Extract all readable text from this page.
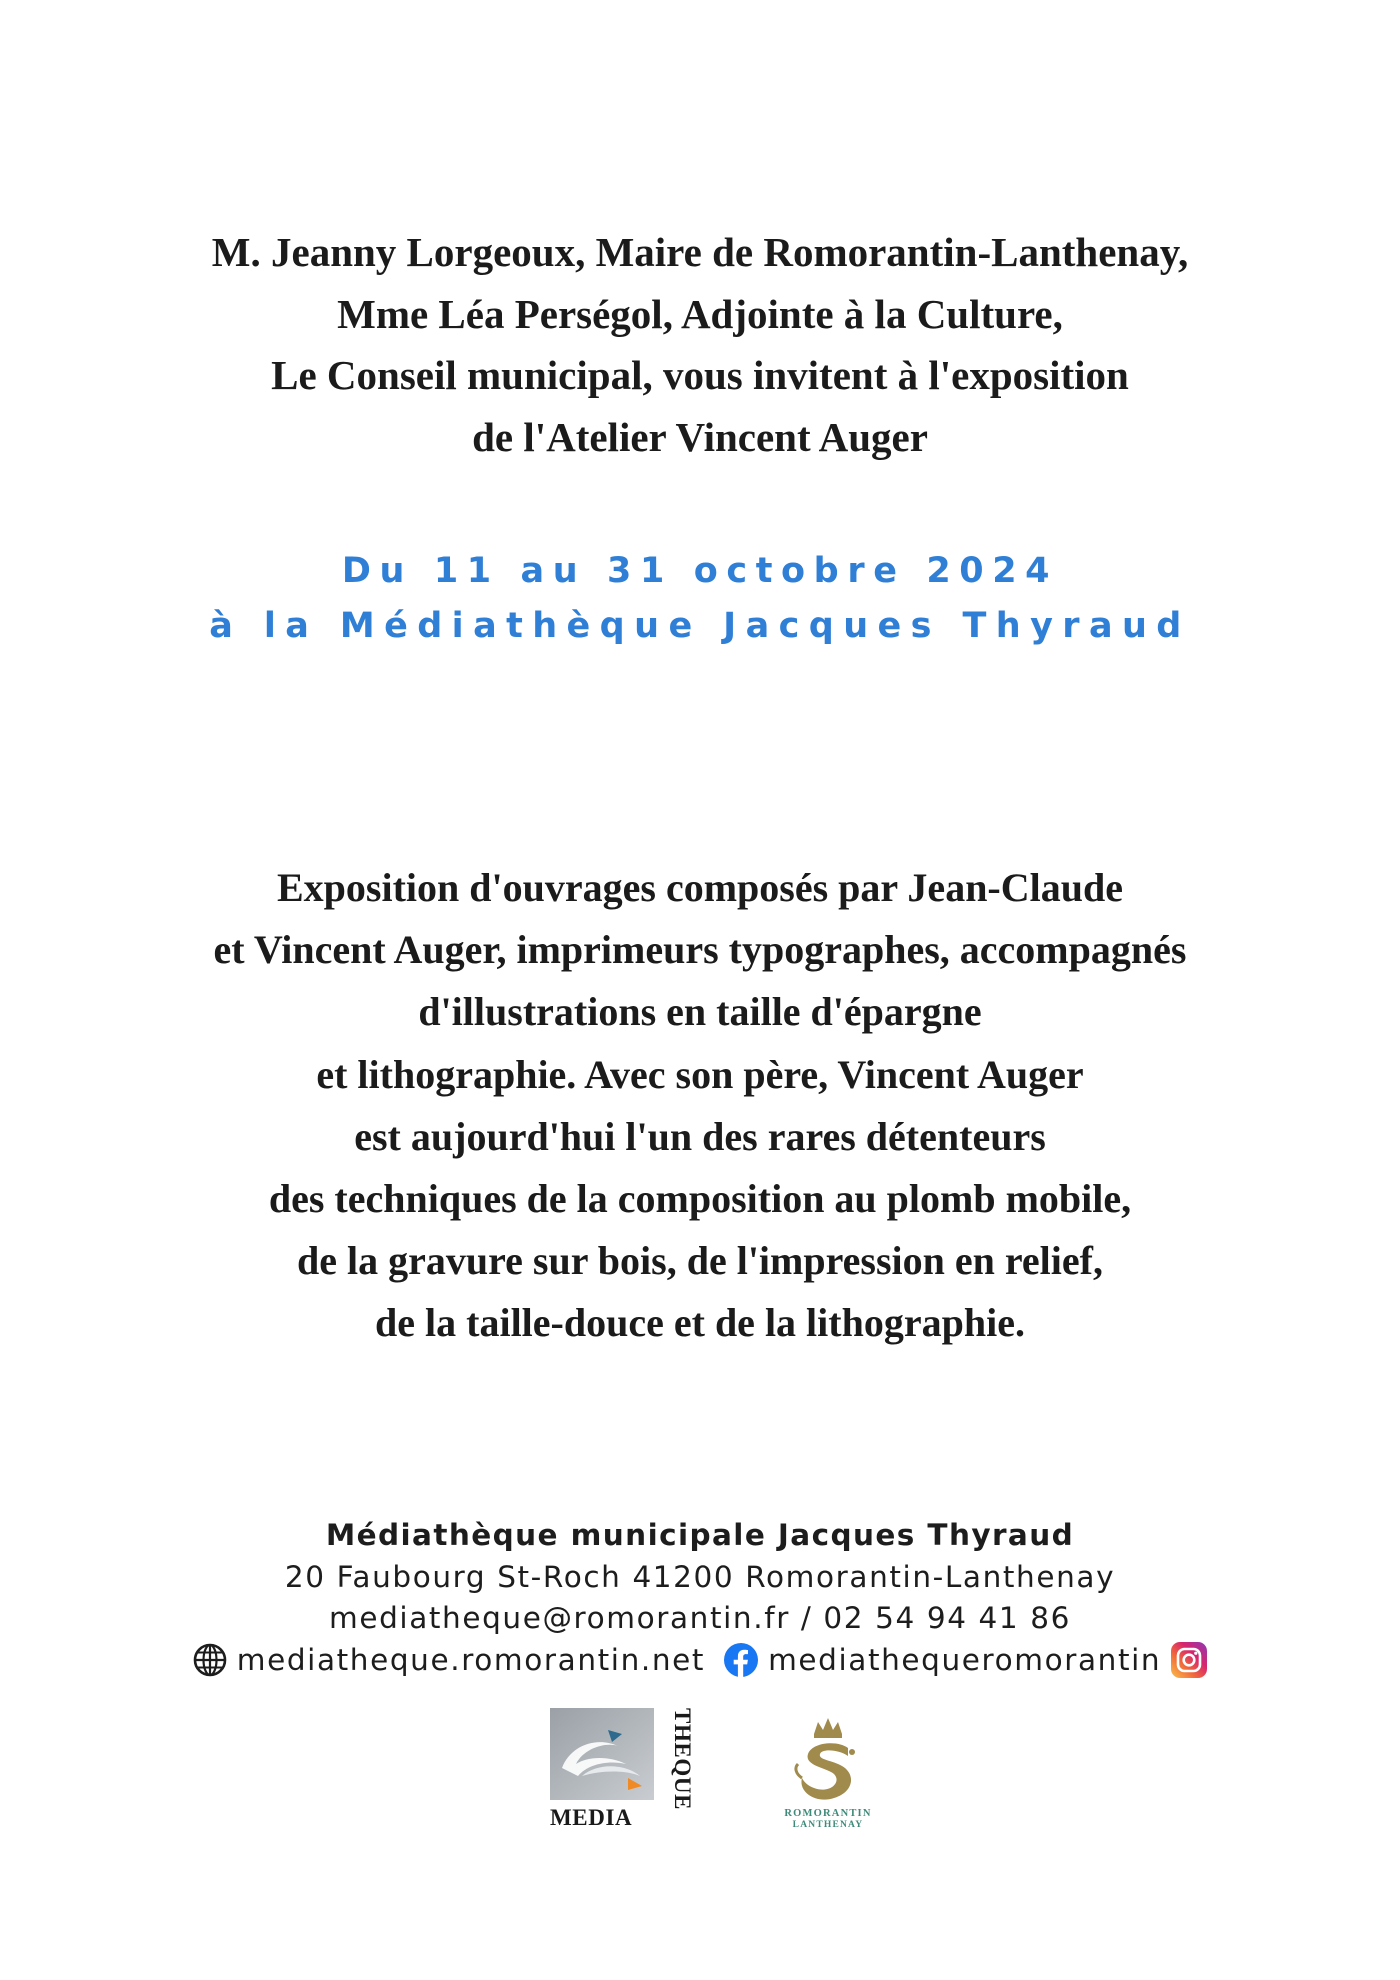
M. Jeanny Lorgeoux, Maire de Romorantin-Lanthenay,
Mme Léa Perségol, Adjointe à la Culture,
Le Conseil municipal, vous invitent à l'exposition
de l'Atelier Vincent Auger
Du 11 au 31 octobre 2024
à la Médiathèque Jacques Thyraud
Exposition d'ouvrages composés par Jean-Claude
et Vincent Auger, imprimeurs typographes, accompagnés
d'illustrations en taille d'épargne
et lithographie. Avec son père, Vincent Auger
est aujourd'hui l'un des rares détenteurs
des techniques de la composition au plomb mobile,
de la gravure sur bois, de l'impression en relief,
de la taille-douce et de la lithographie.
Médiathèque municipale Jacques Thyraud
20 Faubourg St-Roch 41200 Romorantin-Lanthenay
mediatheque@romorantin.fr / 02 54 94 41 86
mediatheque.romorantin.net mediathequeromorantin
MEDIA
THEQUE
ROMORANTIN
LANTHENAY
